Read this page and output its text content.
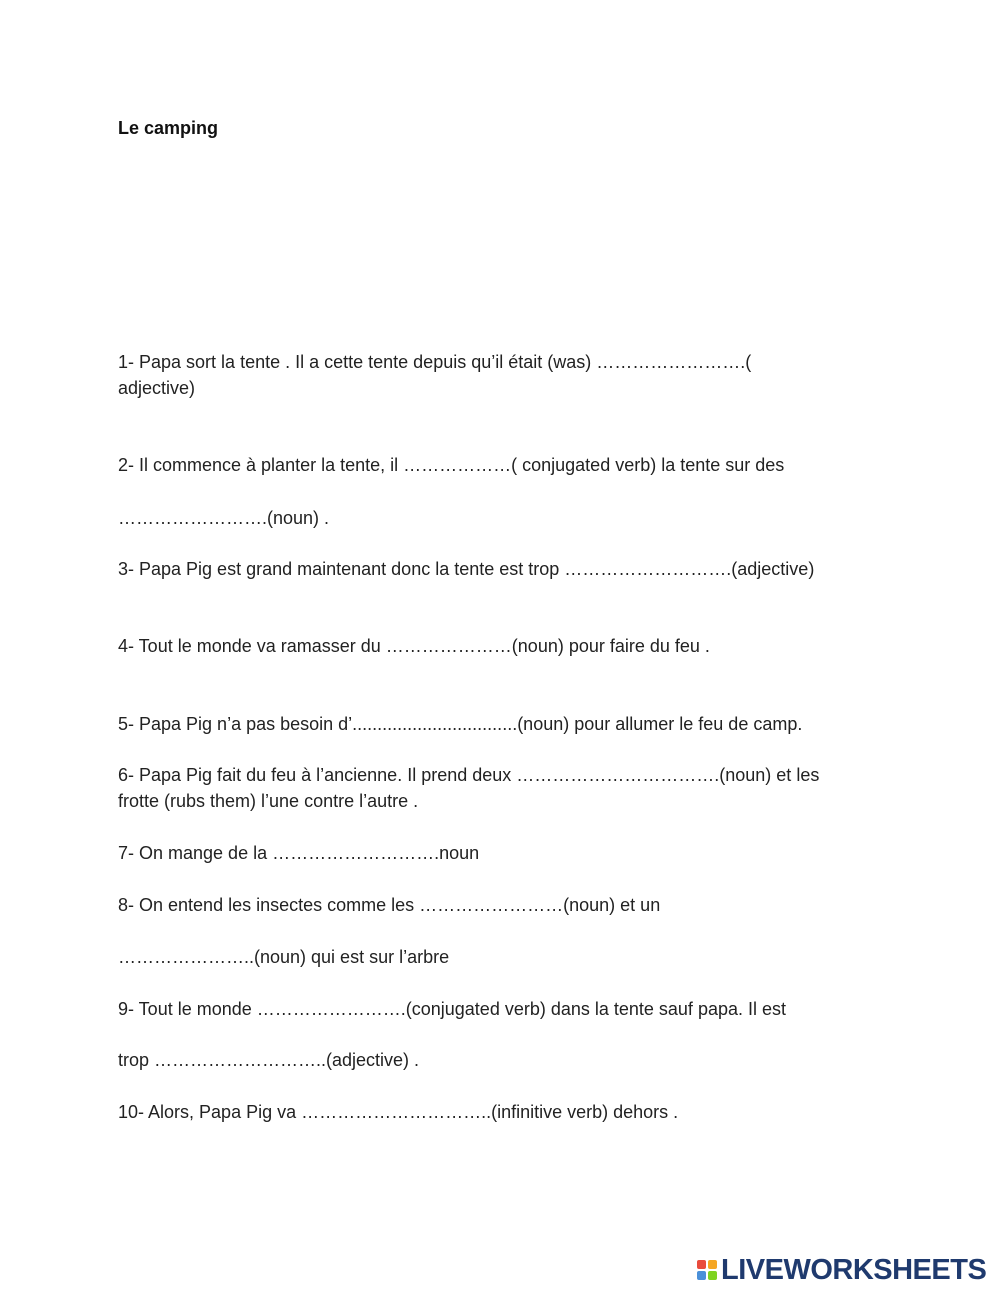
Le camping

1- Papa sort la tente . Il a cette tente depuis qu’il était (was) …………………….(

adjective)

2- Il commence à planter la tente, il ………………( conjugated verb) la tente sur des

…………………….(noun) .

3- Papa Pig est grand maintenant donc la tente est trop ……………………….(adjective)

4- Tout le monde va ramasser du …………………(noun) pour faire du feu .

5- Papa Pig n’a pas besoin d’.................................(noun) pour allumer le feu de camp.

6- Papa Pig fait du feu à l’ancienne. Il prend deux …………………………….(noun) et les

frotte (rubs them) l’une contre l’autre .

7- On mange de la ……………………….noun

8- On entend les insectes comme les ……………………(noun) et un

…………………..(noun) qui est sur l’arbre

9- Tout le monde …………………….(conjugated verb) dans la tente sauf papa. Il est

trop ………………………..(adjective) .

10- Alors, Papa Pig va …………………………..(infinitive verb) dehors .

LIVEWORKSHEETS
